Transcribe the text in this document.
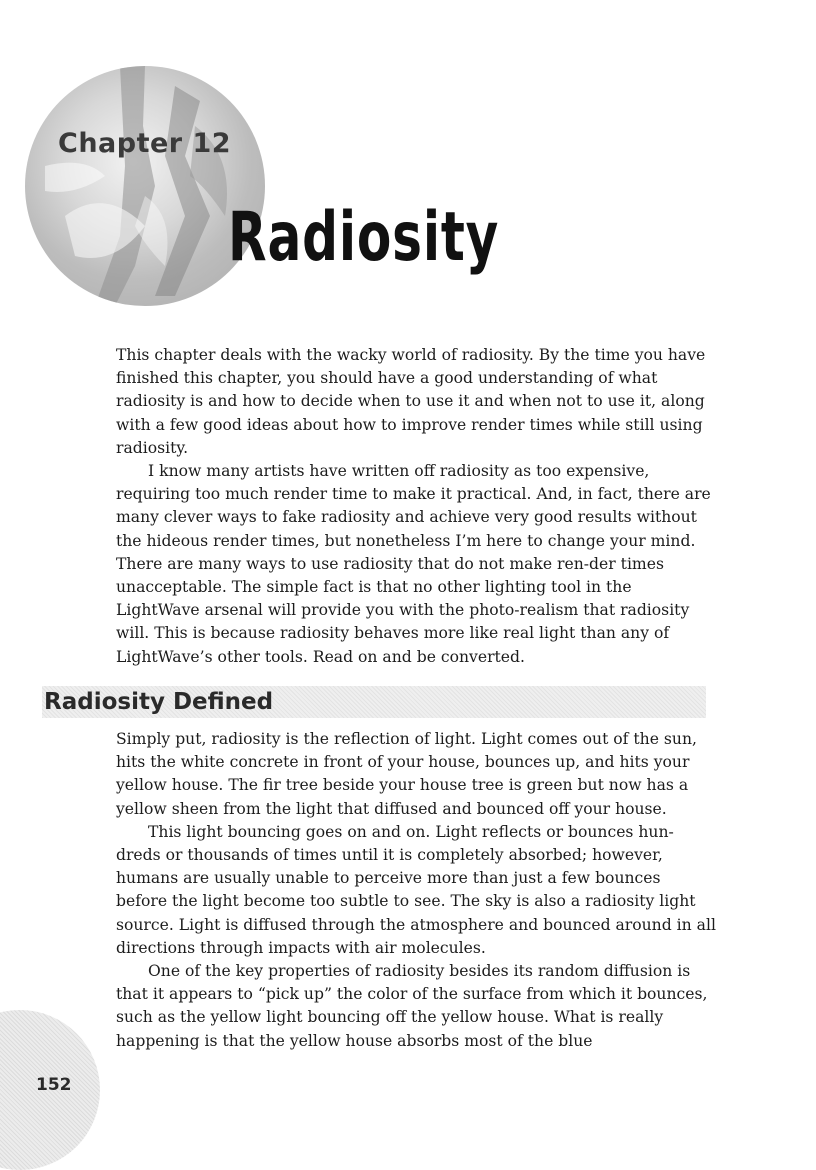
Chapter 12
Radiosity

This chapter deals with the wacky world of radiosity. By the time you have finished this chapter, you should have a good understanding of what radiosity is and how to decide when to use it and when not to use it, along with a few good ideas about how to improve render times while still using radiosity.

I know many artists have written off radiosity as too expensive, requiring too much render time to make it practical. And, in fact, there are many clever ways to fake radiosity and achieve very good results without the hideous render times, but nonetheless I’m here to change your mind. There are many ways to use radiosity that do not make ren-der times unacceptable. The simple fact is that no other lighting tool in the LightWave arsenal will provide you with the photo-realism that radiosity will. This is because radiosity behaves more like real light than any of LightWave’s other tools. Read on and be converted.

Radiosity Defined

Simply put, radiosity is the reflection of light. Light comes out of the sun, hits the white concrete in front of your house, bounces up, and hits your yellow house. The fir tree beside your house tree is green but now has a yellow sheen from the light that diffused and bounced off your house.

This light bouncing goes on and on. Light reflects or bounces hun-dreds or thousands of times until it is completely absorbed; however, humans are usually unable to perceive more than just a few bounces before the light become too subtle to see. The sky is also a radiosity light source. Light is diffused through the atmosphere and bounced around in all directions through impacts with air molecules.

One of the key properties of radiosity besides its random diffusion is that it appears to “pick up” the color of the surface from which it bounces, such as the yellow light bouncing off the yellow house. What is really happening is that the yellow house absorbs most of the blue

152
